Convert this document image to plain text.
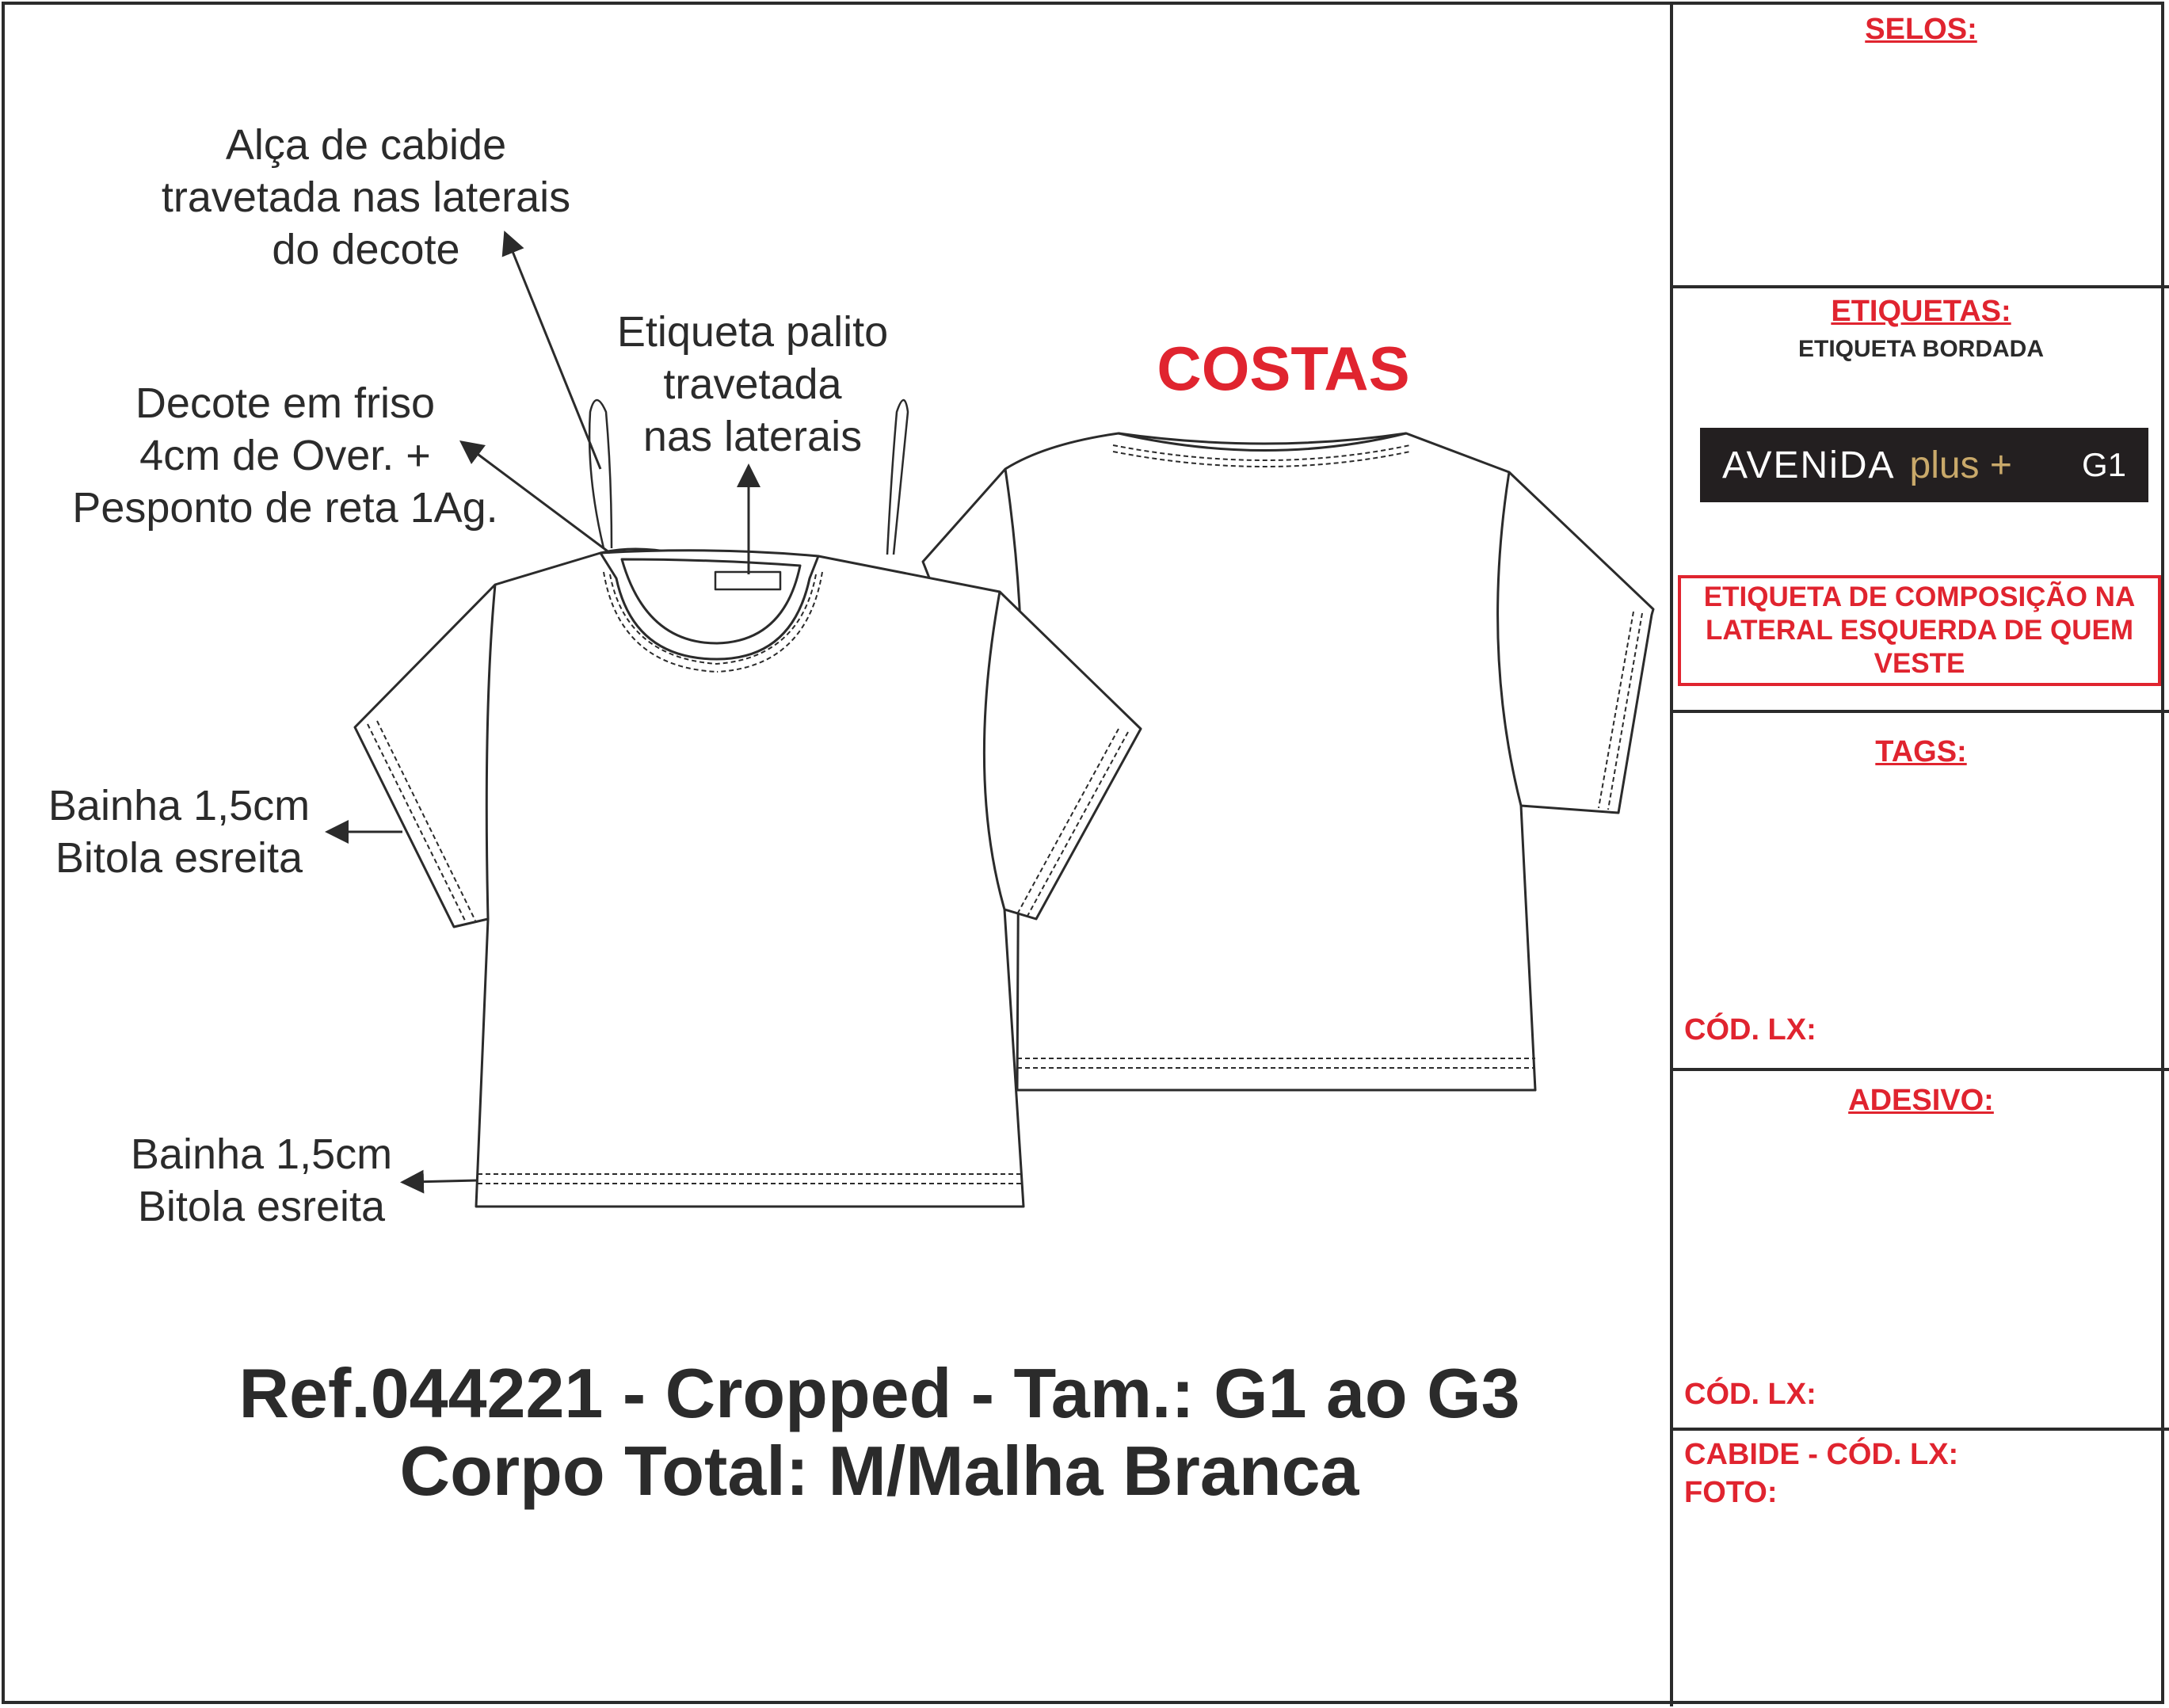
Alça de cabide
travetada nas laterais
do decote
Etiqueta palito
travetada
nas laterais
Decote em friso
4cm de Over. +
Pesponto de reta 1Ag.
Bainha 1,5cm
Bitola esreita
Bainha 1,5cm
Bitola esreita
COSTAS
Ref.044221 - Cropped - Tam.: G1 ao G3
Corpo Total: M/Malha Branca
SELOS:
ETIQUETAS:
ETIQUETA BORDADA
AVENiDA plus + G1
ETIQUETA DE COMPOSIÇÃO NA LATERAL ESQUERDA DE QUEM VESTE
TAGS:
CÓD. LX:
ADESIVO:
CÓD. LX:
CABIDE - CÓD. LX:
FOTO:
